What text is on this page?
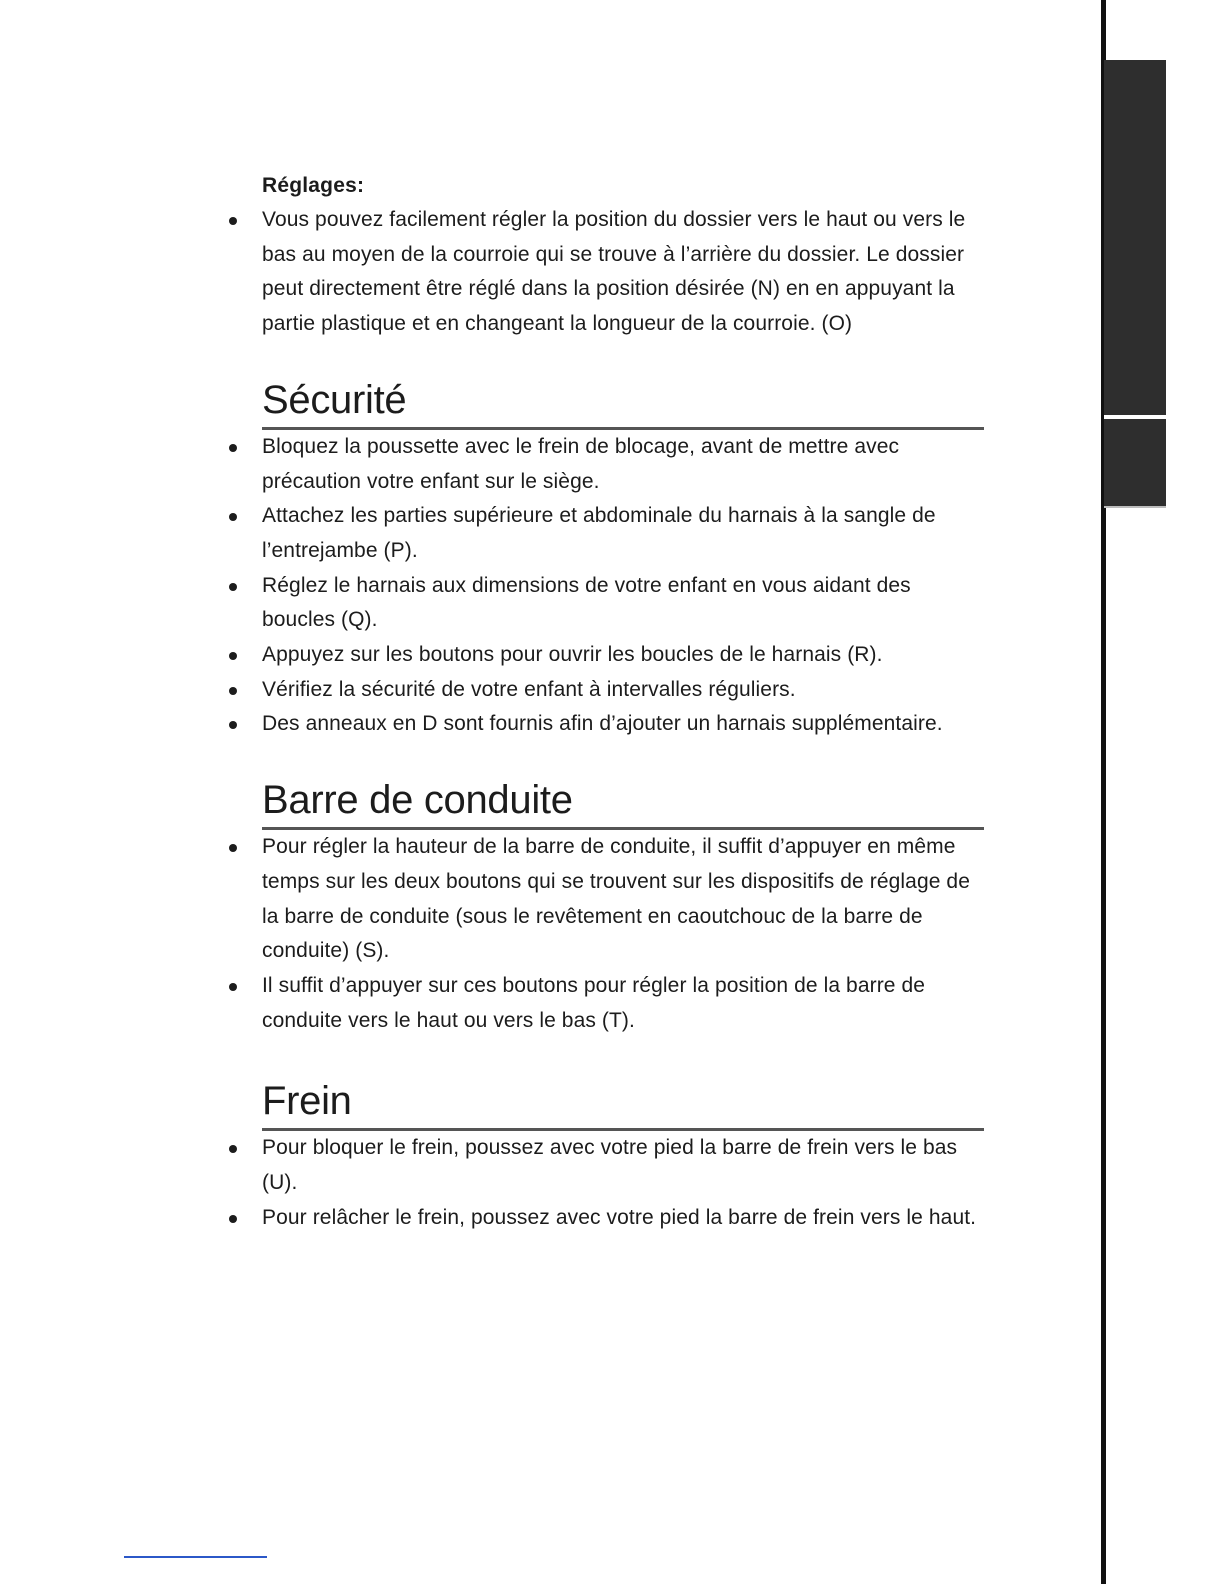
Réglages:
Vous pouvez facilement régler la position du dossier vers le haut ou vers le bas au moyen de la courroie qui se trouve à l’arrière du dossier. Le dossier peut directement être réglé dans la position désirée (N) en en appuyant la partie plastique et en changeant la longueur de la courroie. (O)
Sécurité
Bloquez la poussette avec le frein de blocage, avant de mettre avec précaution votre enfant sur le siège.
Attachez les parties supérieure et abdominale du harnais à la sangle de l’entrejambe (P).
Réglez le harnais aux dimensions de votre enfant en vous aidant des boucles (Q).
Appuyez sur les boutons pour ouvrir les boucles de le harnais (R).
Vérifiez la sécurité de votre enfant à intervalles réguliers.
Des anneaux en D sont fournis afin d’ajouter un harnais supplémentaire.
Barre de conduite
Pour régler la hauteur de la barre de conduite, il suffit d’appuyer en même temps sur les deux boutons qui se trouvent sur les dispositifs de réglage de la barre de conduite (sous le revêtement en caoutchouc de la barre de conduite) (S).
Il suffit d’appuyer sur ces boutons pour régler la position de la barre de conduite vers le haut ou vers le bas (T).
Frein
Pour bloquer le frein, poussez avec votre pied la barre de frein vers le bas (U).
Pour relâcher le frein, poussez avec votre pied la barre de frein vers le haut.
